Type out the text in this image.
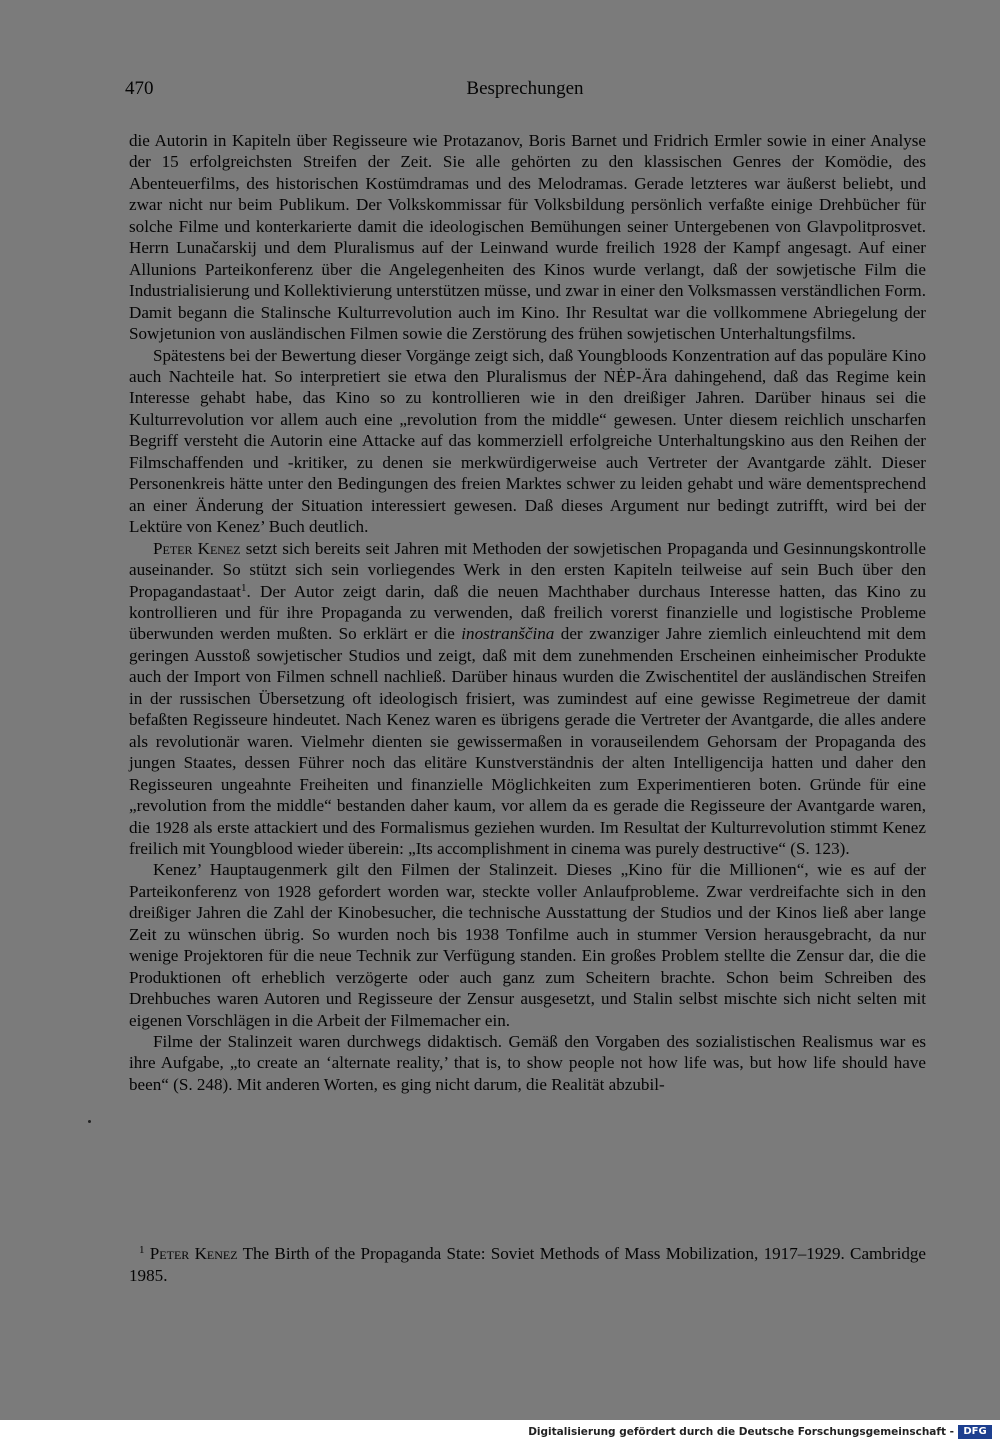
470	Besprechungen

die Autorin in Kapiteln über Regisseure wie Protazanov, Boris Barnet und Fridrich Ermler sowie in einer Analyse der 15 erfolgreichsten Streifen der Zeit. Sie alle gehörten zu den klassischen Genres der Komödie, des Abenteuerfilms, des historischen Kostümdramas und des Melodramas. Gerade letzteres war äußerst beliebt, und zwar nicht nur beim Publikum. Der Volkskommissar für Volksbildung persönlich verfaßte einige Drehbücher für solche Filme und konterkarierte damit die ideologischen Bemühungen seiner Untergebenen von Glavpolitprosvet. Herrn Lunačarskij und dem Pluralismus auf der Leinwand wurde freilich 1928 der Kampf angesagt. Auf einer Allunions Parteikonferenz über die Angelegenheiten des Kinos wurde verlangt, daß der sowjetische Film die Industrialisierung und Kollektivierung unterstützen müsse, und zwar in einer den Volksmassen verständlichen Form. Damit begann die Stalinsche Kulturrevolution auch im Kino. Ihr Resultat war die vollkommene Abriegelung der Sowjetunion von ausländischen Filmen sowie die Zerstörung des frühen sowjetischen Unterhaltungsfilms.

Spätestens bei der Bewertung dieser Vorgänge zeigt sich, daß Youngbloods Konzentration auf das populäre Kino auch Nachteile hat. So interpretiert sie etwa den Pluralismus der NĖP-Ära dahingehend, daß das Regime kein Interesse gehabt habe, das Kino so zu kontrollieren wie in den dreißiger Jahren. Darüber hinaus sei die Kulturrevolution vor allem auch eine „revolution from the middle“ gewesen. Unter diesem reichlich unscharfen Begriff versteht die Autorin eine Attacke auf das kommerziell erfolgreiche Unterhaltungskino aus den Reihen der Filmschaffenden und -kritiker, zu denen sie merkwürdigerweise auch Vertreter der Avantgarde zählt. Dieser Personenkreis hätte unter den Bedingungen des freien Marktes schwer zu leiden gehabt und wäre dementsprechend an einer Änderung der Situation interessiert gewesen. Daß dieses Argument nur bedingt zutrifft, wird bei der Lektüre von Kenez’ Buch deutlich.

Peter Kenez setzt sich bereits seit Jahren mit Methoden der sowjetischen Propaganda und Gesinnungskontrolle auseinander. So stützt sich sein vorliegendes Werk in den ersten Kapiteln teilweise auf sein Buch über den Propagandastaat$^1$. Der Autor zeigt darin, daß die neuen Machthaber durchaus Interesse hatten, das Kino zu kontrollieren und für ihre Propaganda zu verwenden, daß freilich vorerst finanzielle und logistische Probleme überwunden werden mußten. So erklärt er die inostranščina der zwanziger Jahre ziemlich einleuchtend mit dem geringen Ausstoß sowjetischer Studios und zeigt, daß mit dem zunehmenden Erscheinen einheimischer Produkte auch der Import von Filmen schnell nachließ. Darüber hinaus wurden die Zwischentitel der ausländischen Streifen in der russischen Übersetzung oft ideologisch frisiert, was zumindest auf eine gewisse Regimetreue der damit befaßten Regisseure hindeutet. Nach Kenez waren es übrigens gerade die Vertreter der Avantgarde, die alles andere als revolutionär waren. Vielmehr dienten sie gewissermaßen in vorauseilendem Gehorsam der Propaganda des jungen Staates, dessen Führer noch das elitäre Kunstverständnis der alten Intelligencija hatten und daher den Regisseuren ungeahnte Freiheiten und finanzielle Möglichkeiten zum Experimentieren boten. Gründe für eine „revolution from the middle“ bestanden daher kaum, vor allem da es gerade die Regisseure der Avantgarde waren, die 1928 als erste attackiert und des Formalismus geziehen wurden. Im Resultat der Kulturrevolution stimmt Kenez freilich mit Youngblood wieder überein: „Its accomplishment in cinema was purely destructive“ (S. 123).

Kenez’ Hauptaugenmerk gilt den Filmen der Stalinzeit. Dieses „Kino für die Millionen“, wie es auf der Parteikonferenz von 1928 gefordert worden war, steckte voller Anlaufprobleme. Zwar verdreifachte sich in den dreißiger Jahren die Zahl der Kinobesucher, die technische Ausstattung der Studios und der Kinos ließ aber lange Zeit zu wünschen übrig. So wurden noch bis 1938 Tonfilme auch in stummer Version herausgebracht, da nur wenige Projektoren für die neue Technik zur Verfügung standen. Ein großes Problem stellte die Zensur dar, die die Produktionen oft erheblich verzögerte oder auch ganz zum Scheitern brachte. Schon beim Schreiben des Drehbuches waren Autoren und Regisseure der Zensur ausgesetzt, und Stalin selbst mischte sich nicht selten mit eigenen Vorschlägen in die Arbeit der Filmemacher ein.

Filme der Stalinzeit waren durchwegs didaktisch. Gemäß den Vorgaben des sozialistischen Realismus war es ihre Aufgabe, „to create an ‘alternate reality,’ that is, to show people not how life was, but how life should have been“ (S. 248). Mit anderen Worten, es ging nicht darum, die Realität abzubil-

$^1$ Peter Kenez The Birth of the Propaganda State: Soviet Methods of Mass Mobilization, 1917–1929. Cambridge 1985.
Digitalisierung gefördert durch die Deutsche Forschungsgemeinschaft - DFG
